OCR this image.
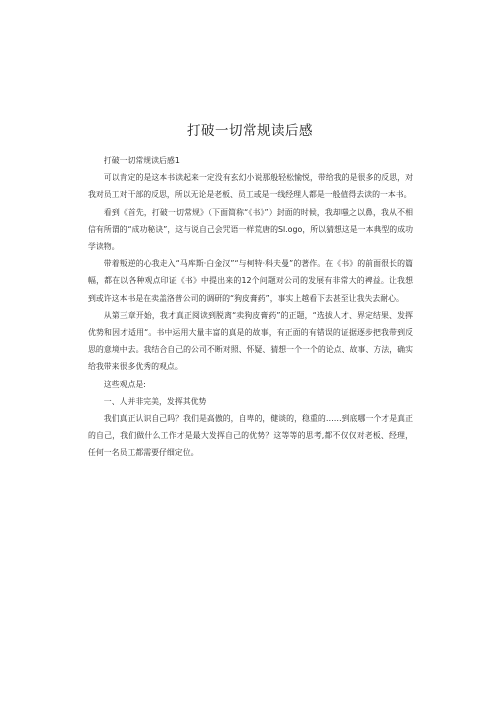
打破一切常规读后感

打破一切常规读后感1

可以肯定的是这本书读起来一定没有玄幻小说那般轻松愉悦，带给我的是很多的反思，对我对员工对干部的反思，所以无论是老板、员工或是一线经理人都是一般值得去读的一本书。

看到《首先，打破一切常规》（下面简称“《书》”）封面的时候，我却嗤之以鼻，我从不相信有所谓的“成功秘诀”，这与说自己会咒语一样荒唐的Sl.ogo，所以猜想这是一本典型的成功学读物。

带着叛逆的心我走入“马库斯·白金汉”“与柯特·科夫曼”的著作。在《书》的前面很长的篇幅，都在以各种观点印证《书》中提出来的12个问题对公司的发展有非常大的裨益。让我想到或许这本书是在卖盖洛普公司的调研的“狗皮膏药”，事实上越看下去甚至让我失去耐心。

从第三章开始，我才真正阅读到脱离“卖狗皮膏药”的正题，“选拔人才、界定结果、发挥优势和因才适用“。书中运用大量丰富的真是的故事，有正面的有错误的证据逐步把我带到反思的意境中去。我结合自己的公司不断对照、怀疑、猜想一个一个的论点、故事、方法，确实给我带来很多优秀的观点。

这些观点是:

一、人并非完美，发挥其优势

我们真正认识自己吗？我们是高傲的，自卑的，健谈的，稳重的……到底哪一个才是真正的自己，我们做什么工作才是最大发挥自己的优势？这等等的思考,都不仅仅对老板、经理，任何一名员工都需要仔细定位。
